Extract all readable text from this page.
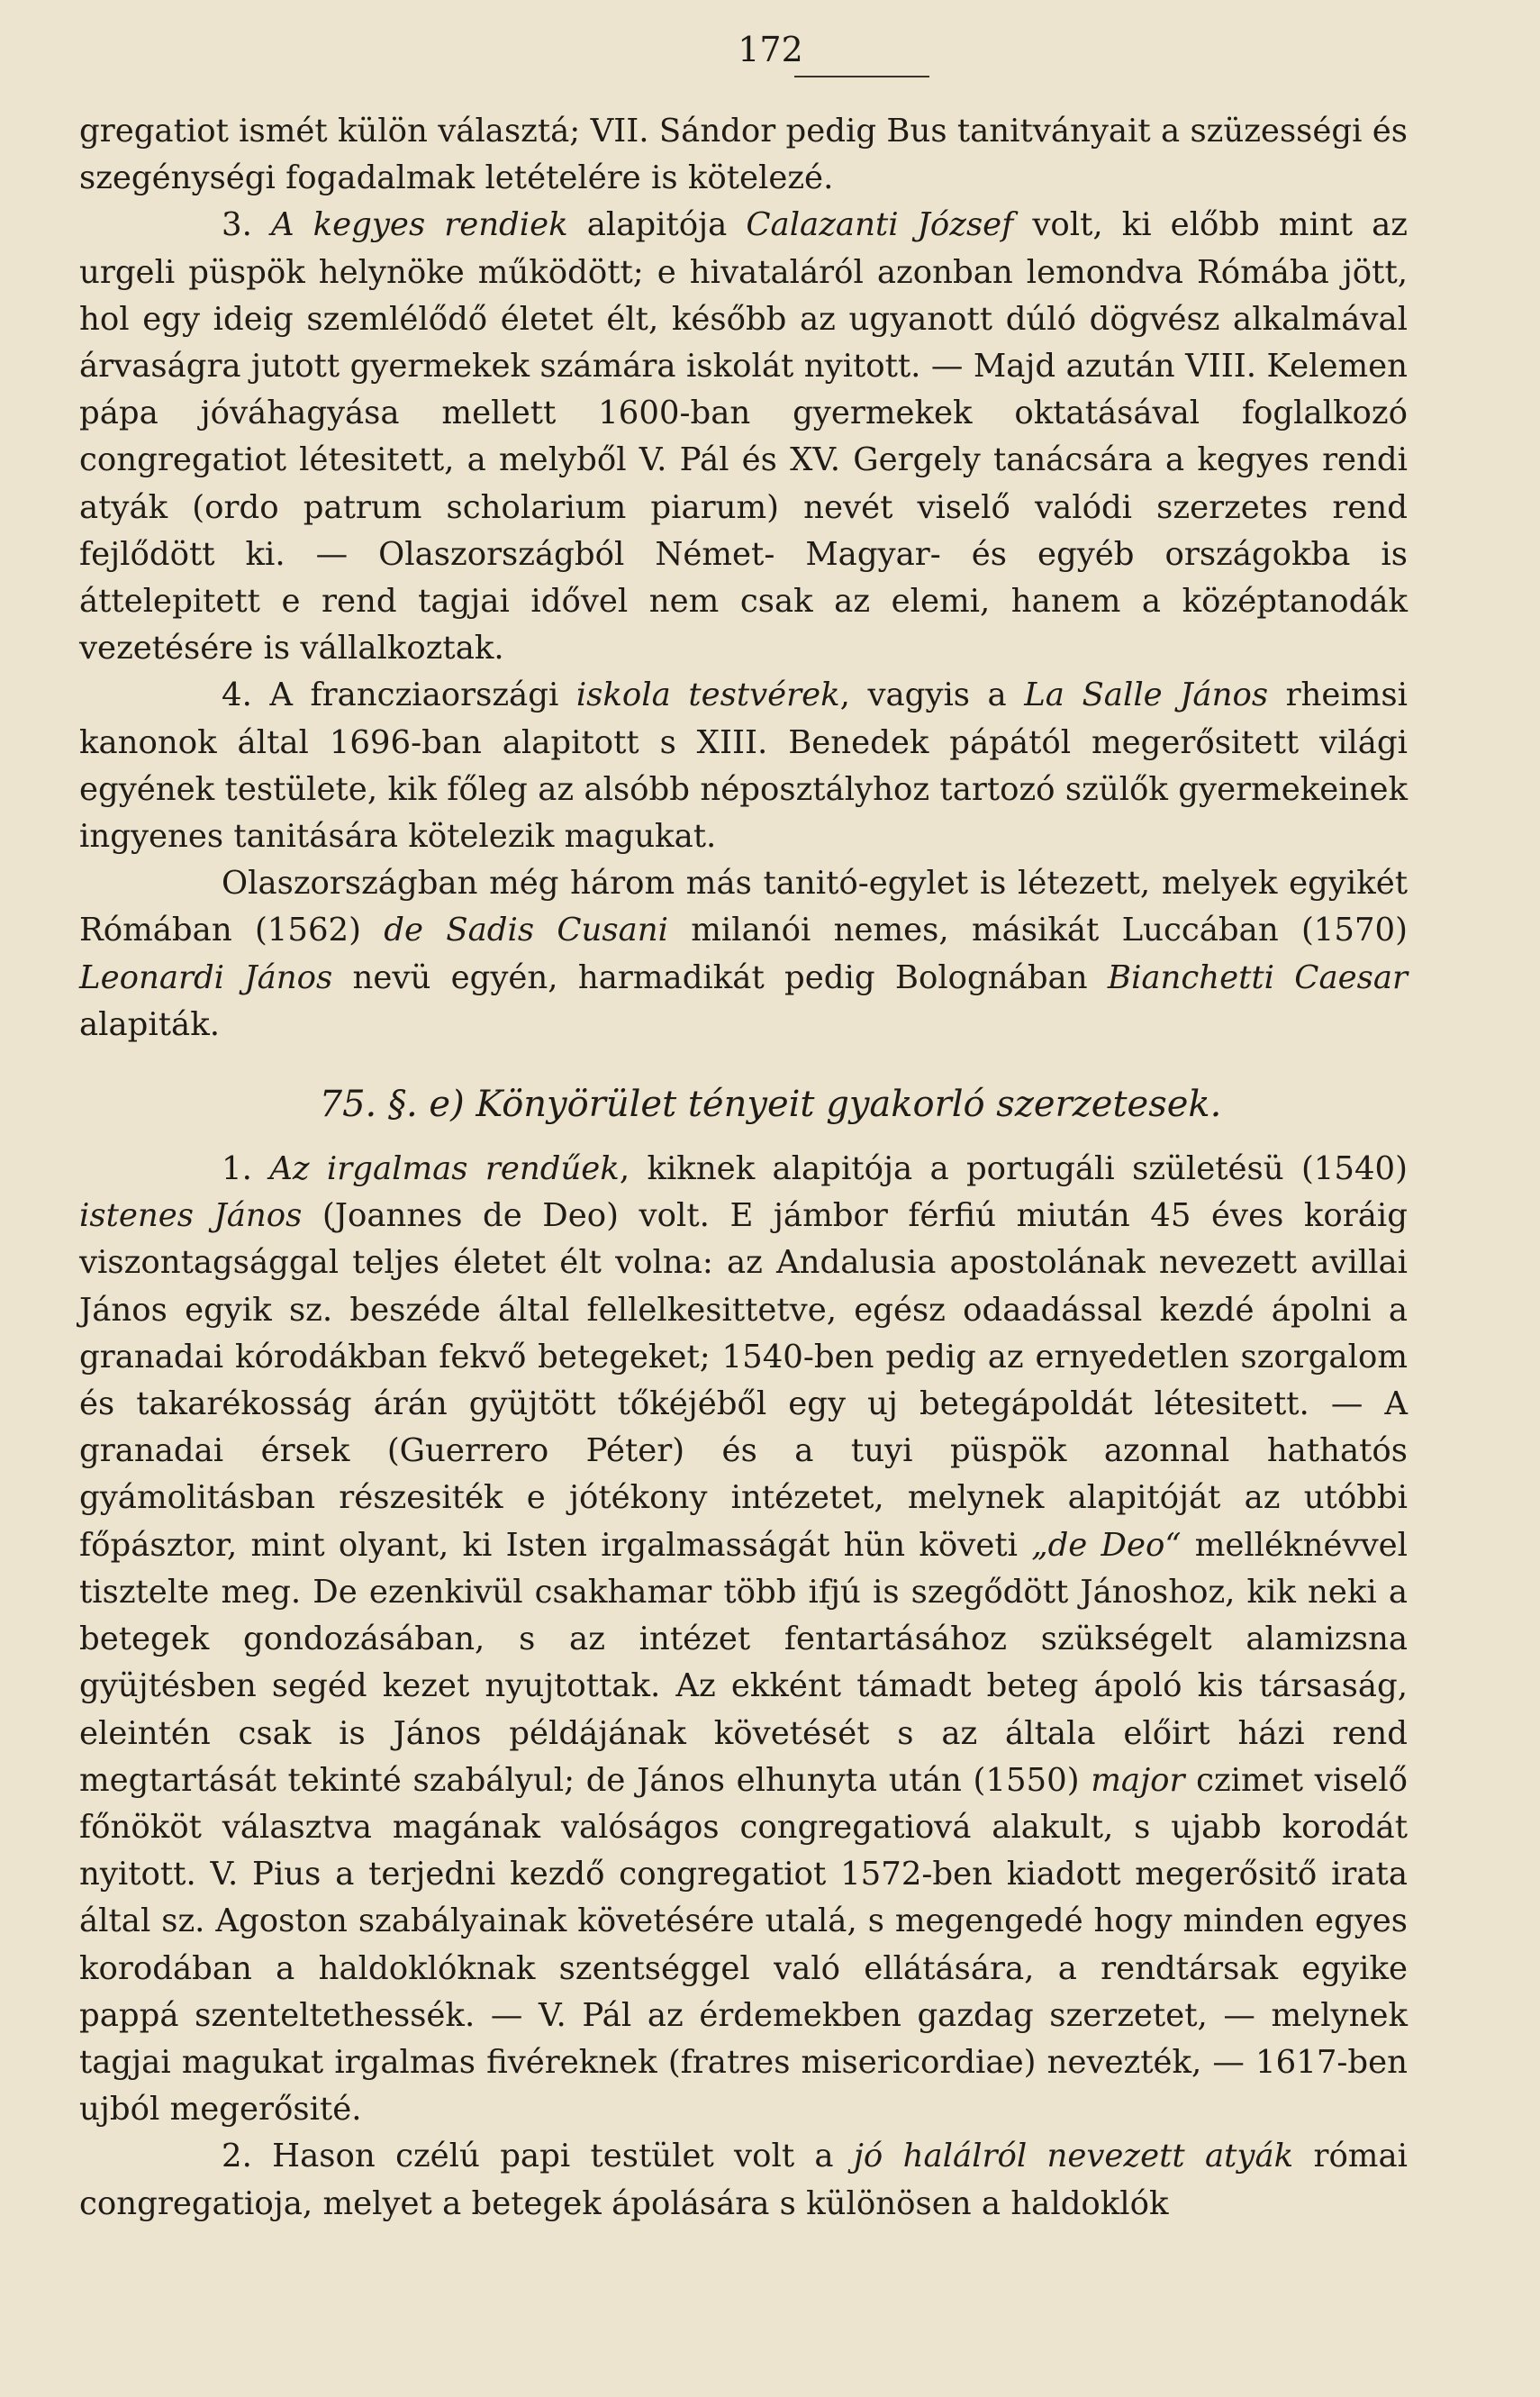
172

gregatiot ismét külön választá; VII. Sándor pedig Bus tanitványait a szüzességi és szegénységi fogadalmak letételére is kötelezé.

3. A kegyes rendiek alapitója Calazanti József volt, ki előbb mint az urgeli püspök helynöke működött; e hivataláról azonban lemondva Rómába jött, hol egy ideig szemlélődő életet élt, később az ugyanott dúló dögvész alkalmával árvaságra jutott gyermekek számára iskolát nyitott. — Majd azután VIII. Kelemen pápa jóváhagyása mellett 1600-ban gyermekek oktatásával foglalkozó congregatiot létesitett, a melyből V. Pál és XV. Gergely tanácsára a kegyes rendi atyák (ordo patrum scholarium piarum) nevét viselő valódi szerzetes rend fejlődött ki. — Olaszországból Német- Magyar- és egyéb országokba is áttelepitett e rend tagjai idővel nem csak az elemi, hanem a középtanodák vezetésére is vállalkoztak.

4. A francziaországi iskola testvérek, vagyis a La Salle János rheimsi kanonok által 1696-ban alapitott s XIII. Benedek pápától megerősitett világi egyének testülete, kik főleg az alsóbb néposztályhoz tartozó szülők gyermekeinek ingyenes tanitására kötelezik magukat.

Olaszországban még három más tanitó-egylet is létezett, melyek egyikét Rómában (1562) de Sadis Cusani milanói nemes, másikát Luccában (1570) Leonardi János nevü egyén, harmadikát pedig Bolognában Bianchetti Caesar alapiták.

75. §. e) Könyörület tényeit gyakorló szerzetesek.

1. Az irgalmas rendűek, kiknek alapitója a portugáli születésü (1540) istenes János (Joannes de Deo) volt. E jámbor férfiú miután 45 éves koráig viszontagsággal teljes életet élt volna: az Andalusia apostolának nevezett avillai János egyik sz. beszéde által fellelkesittetve, egész odaadással kezdé ápolni a granadai kórodákban fekvő betegeket; 1540-ben pedig az ernyedetlen szorgalom és takarékosság árán gyüjtött tőkéjéből egy uj betegápoldát létesitett. — A granadai érsek (Guerrero Péter) és a tuyi püspök azonnal hathatós gyámolitásban részesiték e jótékony intézetet, melynek alapitóját az utóbbi főpásztor, mint olyant, ki Isten irgalmasságát hün követi „de Deo“ melléknévvel tisztelte meg. De ezenkivül csakhamar több ifjú is szegődött Jánoshoz, kik neki a betegek gondozásában, s az intézet fentartásához szükségelt alamizsna gyüjtésben segéd kezet nyujtottak. Az ekként támadt beteg ápoló kis társaság, eleintén csak is János példájának követését s az általa előirt házi rend megtartását tekinté szabályul; de János elhunyta után (1550) major czimet viselő főnököt választva magának valóságos congregatiová alakult, s ujabb korodát nyitott. V. Pius a terjedni kezdő congregatiot 1572-ben kiadott megerősitő irata által sz. Agoston szabályainak követésére utalá, s megengedé hogy minden egyes korodában a haldoklóknak szentséggel való ellátására, a rendtársak egyike pappá szenteltethessék. — V. Pál az érdemekben gazdag szerzetet, — melynek tagjai magukat irgalmas fivéreknek (fratres misericordiae) nevezték, — 1617-ben ujból megerősité.

2. Hason czélú papi testület volt a jó halálról nevezett atyák római congregatioja, melyet a betegek ápolására s különösen a haldoklók
